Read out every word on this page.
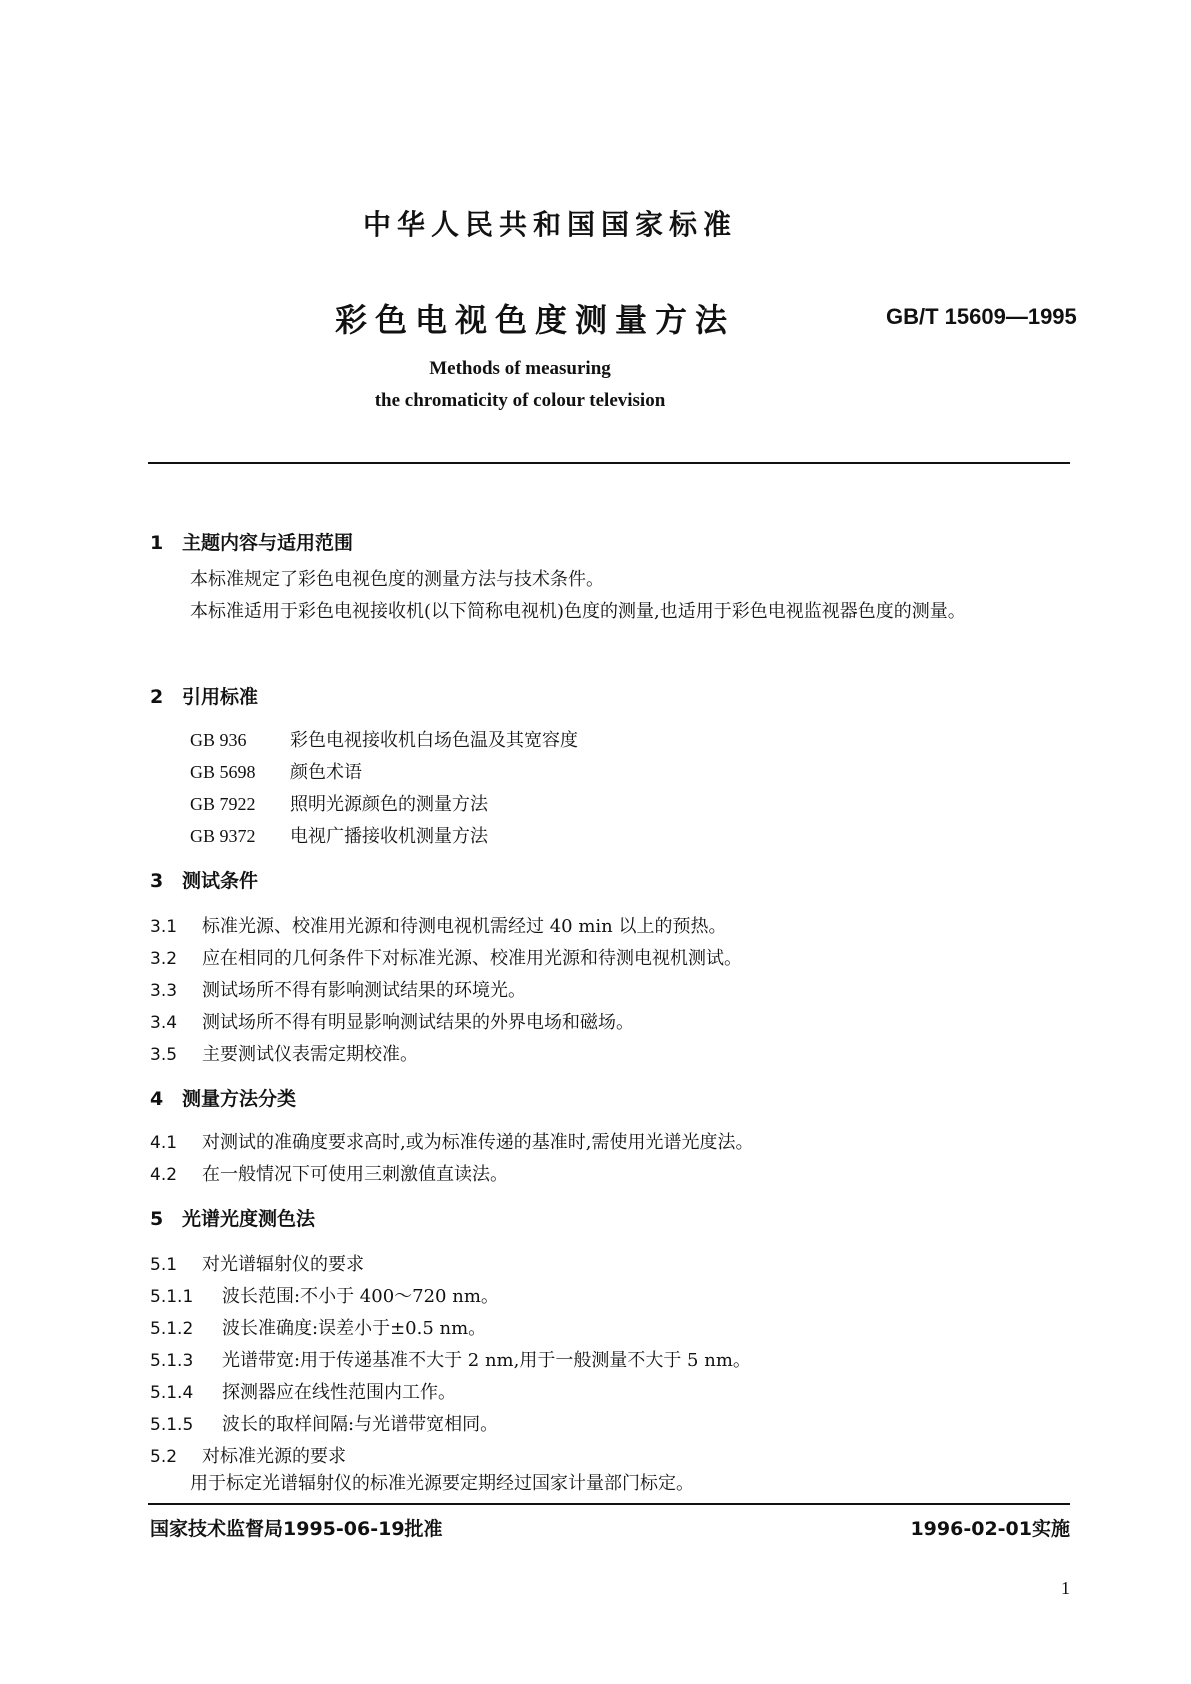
中华人民共和国国家标准
彩色电视色度测量方法	GB/T 15609—1995
Methods of measuring
the chromaticity of colour television
1 主题内容与适用范围
本标准规定了彩色电视色度的测量方法与技术条件。
本标准适用于彩色电视接收机(以下简称电视机)色度的测量,也适用于彩色电视监视器色度的测量。
2 引用标准
GB 936 彩色电视接收机白场色温及其宽容度
GB 5698 颜色术语
GB 7922 照明光源颜色的测量方法
GB 9372 电视广播接收机测量方法
3 测试条件
3.1 标准光源、校准用光源和待测电视机需经过 40 min 以上的预热。
3.2 应在相同的几何条件下对标准光源、校准用光源和待测电视机测试。
3.3 测试场所不得有影响测试结果的环境光。
3.4 测试场所不得有明显影响测试结果的外界电场和磁场。
3.5 主要测试仪表需定期校准。
4 测量方法分类
4.1 对测试的准确度要求高时,或为标准传递的基准时,需使用光谱光度法。
4.2 在一般情况下可使用三刺激值直读法。
5 光谱光度测色法
5.1 对光谱辐射仪的要求
5.1.1 波长范围:不小于 400～720 nm。
5.1.2 波长准确度:误差小于±0.5 nm。
5.1.3 光谱带宽:用于传递基准不大于 2 nm,用于一般测量不大于 5 nm。
5.1.4 探测器应在线性范围内工作。
5.1.5 波长的取样间隔:与光谱带宽相同。
5.2 对标准光源的要求
用于标定光谱辐射仪的标准光源要定期经过国家计量部门标定。
国家技术监督局1995-06-19批准	1996-02-01实施
1
